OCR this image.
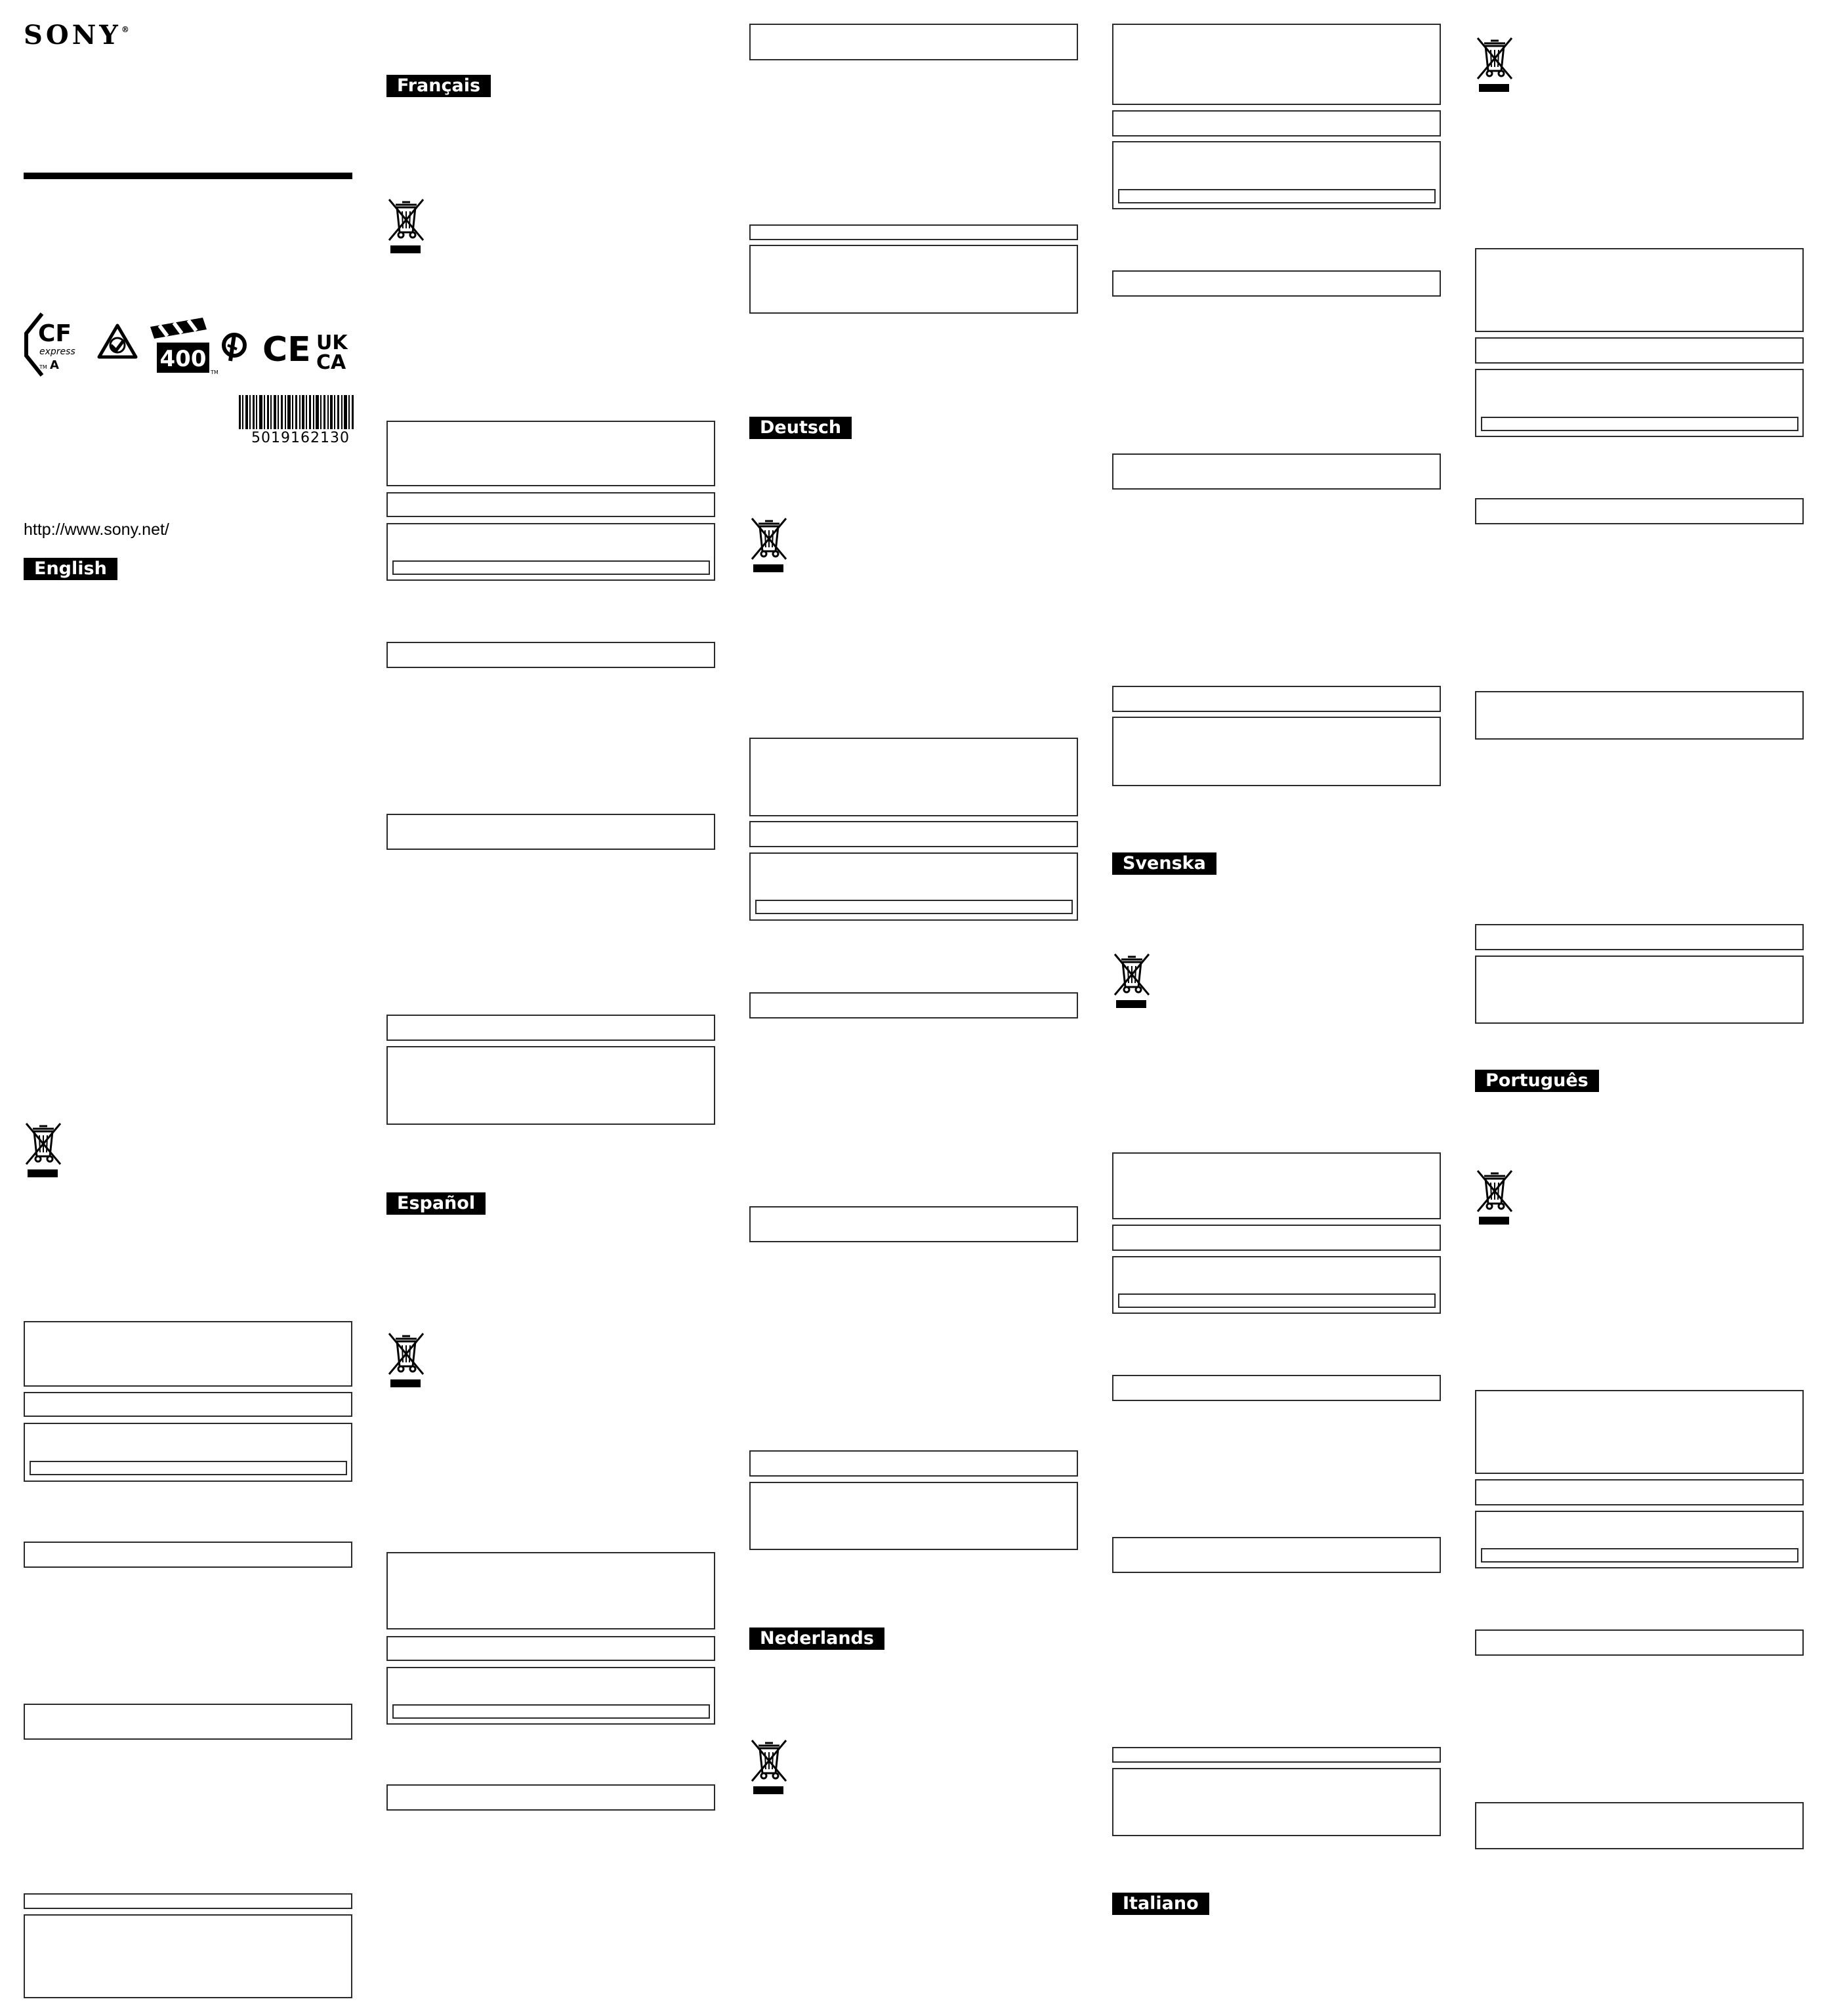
SONY®
CF
express
A
TM	400
TM
CE UK
CA
5019162130
http://www.sony.net/
English
Français
Español
Deutsch
Nederlands
Svenska
Italiano
Português
